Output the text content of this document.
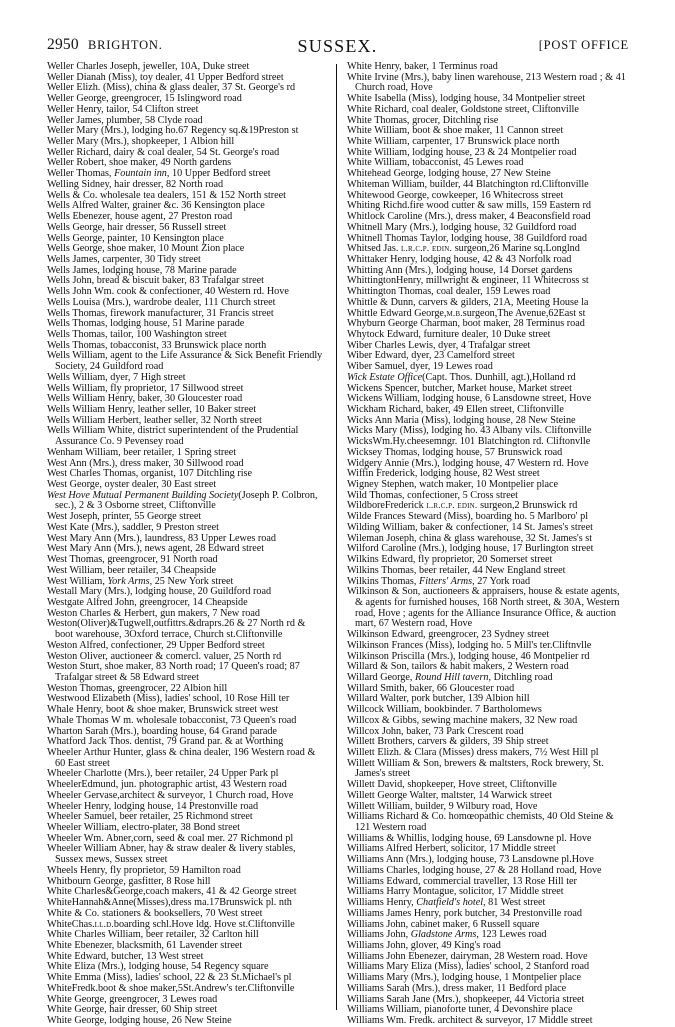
2950 BRIGHTON.	SUSSEX.	[POST OFFICE

Weller Charles Joseph, jeweller, 10A, Duke street

Weller Dianah (Miss), toy dealer, 41 Upper Bedford street

Weller Elizh. (Miss), china & glass dealer, 37 St. George's rd

Weller George, greengrocer, 15 Islingword road

Weller Henry, tailor, 54 Clifton street

Weller James, plumber, 58 Clyde road

Weller Mary (Mrs.), lodging ho.67 Regency sq.&19Preston st

Weller Mary (Mrs.), shopkeeper, 1 Albion hill

Weller Richard, dairy & coal dealer, 54 St. George's road

Weller Robert, shoe maker, 49 North gardens

Weller Thomas, Fountain inn, 10 Upper Bedford street

Welling Sidney, hair dresser, 82 North road

Wells & Co. wholesale tea dealers, 151 & 152 North street

Wells Alfred Walter, grainer &c. 36 Kensington place

Wells Ebenezer, house agent, 27 Preston road

Wells George, hair dresser, 56 Russell street

Wells George, painter, 10 Kensington place

Wells George, shoe maker, 10 Mount Zion place

Wells James, carpenter, 30 Tidy street

Wells James, lodging house, 78 Marine parade

Wells John, bread & biscuit baker, 83 Trafalgar street

Wells John Wm. cook & confectioner, 40 Western rd. Hove

Wells Louisa (Mrs.), wardrobe dealer, 111 Church street

Wells Thomas, firework manufacturer, 31 Francis street

Wells Thomas, lodging house, 51 Marine parade

Wells Thomas, tailor, 100 Washington street

Wells Thomas, tobacconist, 33 Brunswick place north

Wells William, agent to the Life Assurance & Sick Benefit Friendly Society, 24 Guildford road

Wells William, dyer, 7 High street

Wells William, fly proprietor, 17 Sillwood street

Wells William Henry, baker, 30 Gloucester road

Wells William Henry, leather seller, 10 Baker street

Wells William Herbert, leather seller, 32 North street

Wells William White, district superintendent of the Prudential Assurance Co. 9 Pevensey road

Wenham William, beer retailer, 1 Spring street

West Ann (Mrs.), dress maker, 30 Sillwood road

West Charles Thomas, organist, 107 Ditchling rise

West George, oyster dealer, 30 East street

West Hove Mutual Permanent Building Society(Joseph P. Colbron, sec.), 2 & 3 Osborne street, Cliftonville

West Joseph, printer, 55 George street

West Kate (Mrs.), saddler, 9 Preston street

West Mary Ann (Mrs.), laundress, 83 Upper Lewes road

West Mary Ann (Mrs.), news agent, 28 Edward street

West Thomas, greengrocer, 91 North road

West William, beer retailer, 34 Cheapside

West William, York Arms, 25 New York street

Westall Mary (Mrs.), lodging house, 20 Guildford road

Westgate Alfred John, greengrocer, 14 Cheapside

Weston Charles & Herbert, gun makers, 7 New road

Weston(Oliver)&Tugwell,outfittrs.&draprs.26 & 27 North rd & boot warehouse, 3Oxford terrace, Church st.Cliftonville

Weston Alfred, confectioner, 29 Upper Bedford street

Weston Oliver, auctioneer & comercl. valuer, 25 North rd

Weston Sturt, shoe maker, 83 North road; 17 Queen's road; 87 Trafalgar street & 58 Edward street

Weston Thomas, greengrocer, 22 Albion hill

Westwood Elizabeth (Miss), ladies' school, 10 Rose Hill ter

Whale Henry, boot & shoe maker, Brunswick street west

Whale Thomas W m. wholesale tobacconist, 73 Queen's road

Wharton Sarah (Mrs.), boarding house, 64 Grand parade

Whatford Jack Thos. dentist, 79 Grand par. & at Worthing

Wheeler Arthur Hunter, glass & china dealer, 196 Western road & 60 East street

Wheeler Charlotte (Mrs.), beer retailer, 24 Upper Park pl

WheelerEdmund, jun. photographic artist, 43 Western road

Wheeler Gervase,architect & surveyor, 1 Church road, Hove

Wheeler Henry, lodging house, 14 Prestonville road

Wheeler Samuel, beer retailer, 25 Richmond street

Wheeler William, electro-plater, 38 Bond street

Wheeler Wm. Abner,corn, seed & coal mer. 27 Richmond pl

Wheeler William Abner, hay & straw dealer & livery stables, Sussex mews, Sussex street

Wheels Henry, fly proprietor, 59 Hamilton road

Whitbourn George, gasfitter, 8 Rose hill

White Charles&George,coach makers, 41 & 42 George street

WhiteHannah&Anne(Misses),dress ma.17Brunswick pl. nth

White & Co. stationers & booksellers, 70 West street

WhiteChas.ll.d.boarding schl.Hove ldg. Hove st.Cliftonville

White Charles William, beer retailer, 32 Carlton hill

White Ebenezer, blacksmith, 61 Lavender street

White Edward, butcher, 13 West street

White Eliza (Mrs.), lodging house, 54 Regency square

White Emma (Miss), ladies' school, 22 & 23 St.Michael's pl

WhiteFredk.boot & shoe maker,5St.Andrew's ter.Cliftonville

White George, greengrocer, 3 Lewes road

White George, hair dresser, 60 Ship street

White George, lodging house, 26 New Steine

White Henry, baker, 1 Terminus road

White Irvine (Mrs.), baby linen warehouse, 213 Western road ; & 41 Church road, Hove

White Isabella (Miss), lodging house, 34 Montpelier street

White Richard, coal dealer, Goldstone street, Cliftonville

White Thomas, grocer, Ditchling rise

White William, boot & shoe maker, 11 Cannon street

White William, carpenter, 17 Brunswick place north

White William, lodging house, 23 & 24 Montpelier road

White William, tobacconist, 45 Lewes road

Whitehead George, lodging house, 27 New Steine

Whiteman William, builder, 44 Blatchington rd.Cliftonville

Whitewood George, cowkeeper, 16 Whitecross street

Whiting Richd.fire wood cutter & saw mills, 159 Eastern rd

Whitlock Caroline (Mrs.), dress maker, 4 Beaconsfield road

Whitnell Mary (Mrs.), lodging house, 32 Guildford road

Whitnell Thomas Taylor, lodging house, 38 Guildford road

Whitsed Jas. l.r.c.p. edin. surgeon,26 Marine sq.Longlnd

Whittaker Henry, lodging house, 42 & 43 Norfolk road

Whitting Ann (Mrs.), lodging house, 14 Dorset gardens

WhittingtonHenry, millwright & engineer, 11 Whitecross st

Whittington Thomas, coal dealer, 159 Lewes road

Whittle & Dunn, carvers & gilders, 21A, Meeting House la

Whittle Edward George,m.b.surgeon,The Avenue,62East st

Whyburn George Charman, boot maker, 28 Terminus road

Whytock Edward, furniture dealer, 10 Duke street

Wiber Charles Lewis, dyer, 4 Trafalgar street

Wiber Edward, dyer, 23 Camelford street

Wiber Samuel, dyer, 19 Lewes road

Wick Estate Office(Capt. Thos. Dunhill, agt.),Holland rd

Wickens Spencer, butcher, Market house, Market street

Wickens William, lodging house, 6 Lansdowne street, Hove

Wickham Richard, baker, 49 Ellen street, Cliftonville

Wicks Ann Maria (Miss), lodging house, 28 New Steine

Wicks Mary (Miss), lodging ho. 43 Albany vils. Cliftonville

WicksWm.Hy.cheesemngr. 101 Blatchington rd. Cliftonvlle

Wicksey Thomas, lodging house, 57 Brunswick road

Widgery Annie (Mrs.), lodging house, 47 Western rd. Hove

Wiffin Frederick, lodging house, 82 West street

Wigney Stephen, watch maker, 10 Montpelier place

Wild Thomas, confectioner, 5 Cross street

WildboreFrederick l.r.c.p. edin. surgeon,2 Brunswick rd

Wilde Frances Steward (Miss), boarding ho. 5 Marlboro' pl

Wilding William, baker & confectioner, 14 St. James's street

Wileman Joseph, china & glass warehouse, 32 St. James's st

Wilford Caroline (Mrs.), lodging house, 17 Burlington street

Wilkins Edward, fly proprietor, 20 Somerset street

Wilkins Thomas, beer retailer, 44 New England street

Wilkins Thomas, Fitters' Arms, 27 York road

Wilkinson & Son, auctioneers & appraisers, house & estate agents, & agents for furnished houses, 168 North street, & 30A, Western road, Hove ; agents for the Alliance Insurance Office, & auction mart, 67 Western road, Hove

Wilkinson Edward, greengrocer, 23 Sydney street

Wilkinson Frances (Miss), lodging ho. 5 Mill's ter.Cliftnvlle

Wilkinson Priscilla (Mrs.), lodging house, 46 Montpelier rd

Willard & Son, tailors & habit makers, 2 Western road

Willard George, Round Hill tavern, Ditchling road

Willard Smith, baker, 66 Gloucester road

Willard Walter, pork butcher, 139 Albion hill

Willcock William, bookbinder. 7 Bartholomews

Willcox & Gibbs, sewing machine makers, 32 New road

Willcox John, baker, 73 Park Crescent road

Willett Brothers, carvers & gilders, 39 Ship street

Willett Elizh. & Clara (Misses) dress makers, 7½ West Hill pl

Willett William & Son, brewers & maltsters, Rock brewery, St. James's street

Willett David, shopkeeper, Hove street, Cliftonville

Willett George Walter, maltster, 14 Warwick street

Willett William, builder, 9 Wilbury road, Hove

Williams Richard & Co. homœopathic chemists, 40 Old Steine & 121 Western road

Williams & Whillis, lodging house, 69 Lansdowne pl. Hove

Williams Alfred Herbert, solicitor, 17 Middle street

Williams Ann (Mrs.), lodging house, 73 Lansdowne pl.Hove

Williams Charles, lodging house, 27 & 28 Holland road, Hove

Williams Edward, commercial traveller, 13 Rose Hill ter

Williams Harry Montague, solicitor, 17 Middle street

Williams Henry, Chatfield's hotel, 81 West street

Williams James Henry, pork butcher, 34 Prestonville road

Williams John, cabinet maker, 6 Russell square

Williams John, Gladstone Arms, 123 Lewes road

Williams John, glover, 49 King's road

Williams John Ebenezer, dairyman, 28 Western road. Hove

Williams Mary Eliza (Miss), ladies' school, 2 Stanford road

Williams Mary (Mrs.), lodging house, 1 Montpelier place

Williams Sarah (Mrs.), dress maker, 11 Bedford place

Williams Sarah Jane (Mrs.), shopkeeper, 44 Victoria street

Williams William, pianoforte tuner, 4 Devonshire place

Williams Wm. Fredk. architect & surveyor, 17 Middle street
